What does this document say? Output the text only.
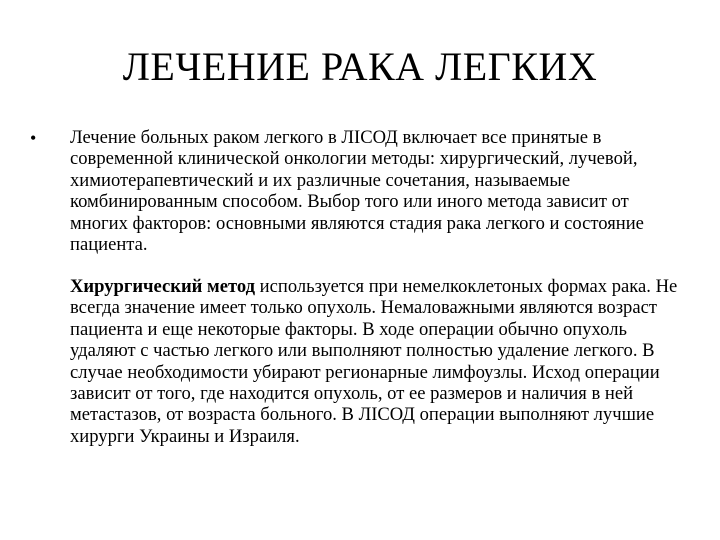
ЛЕЧЕНИЕ РАКА ЛЕГКИХ
• Лечение больных раком легкого в ЛІСОД включает все принятые в современной клинической онкологии методы: хирургический, лучевой, химиотерапевтический и их различные сочетания, называемые комбинированным способом. Выбор того или иного метода зависит от многих факторов: основными являются стадия рака легкого и состояние пациента.

Хирургический метод используется при немелкоклетоных формах рака. Не всегда значение имеет только опухоль. Немаловажными являются возраст пациента и еще некоторые факторы. В ходе операции обычно опухоль удаляют с частью легкого или выполняют полностью удаление легкого. В случае необходимости убирают регионарные лимфоузлы. Исход операции зависит от того, где находится опухоль, от ее размеров и наличия в ней метастазов, от возраста больного. В ЛІСОД операции выполняют лучшие хирурги Украины и Израиля.
